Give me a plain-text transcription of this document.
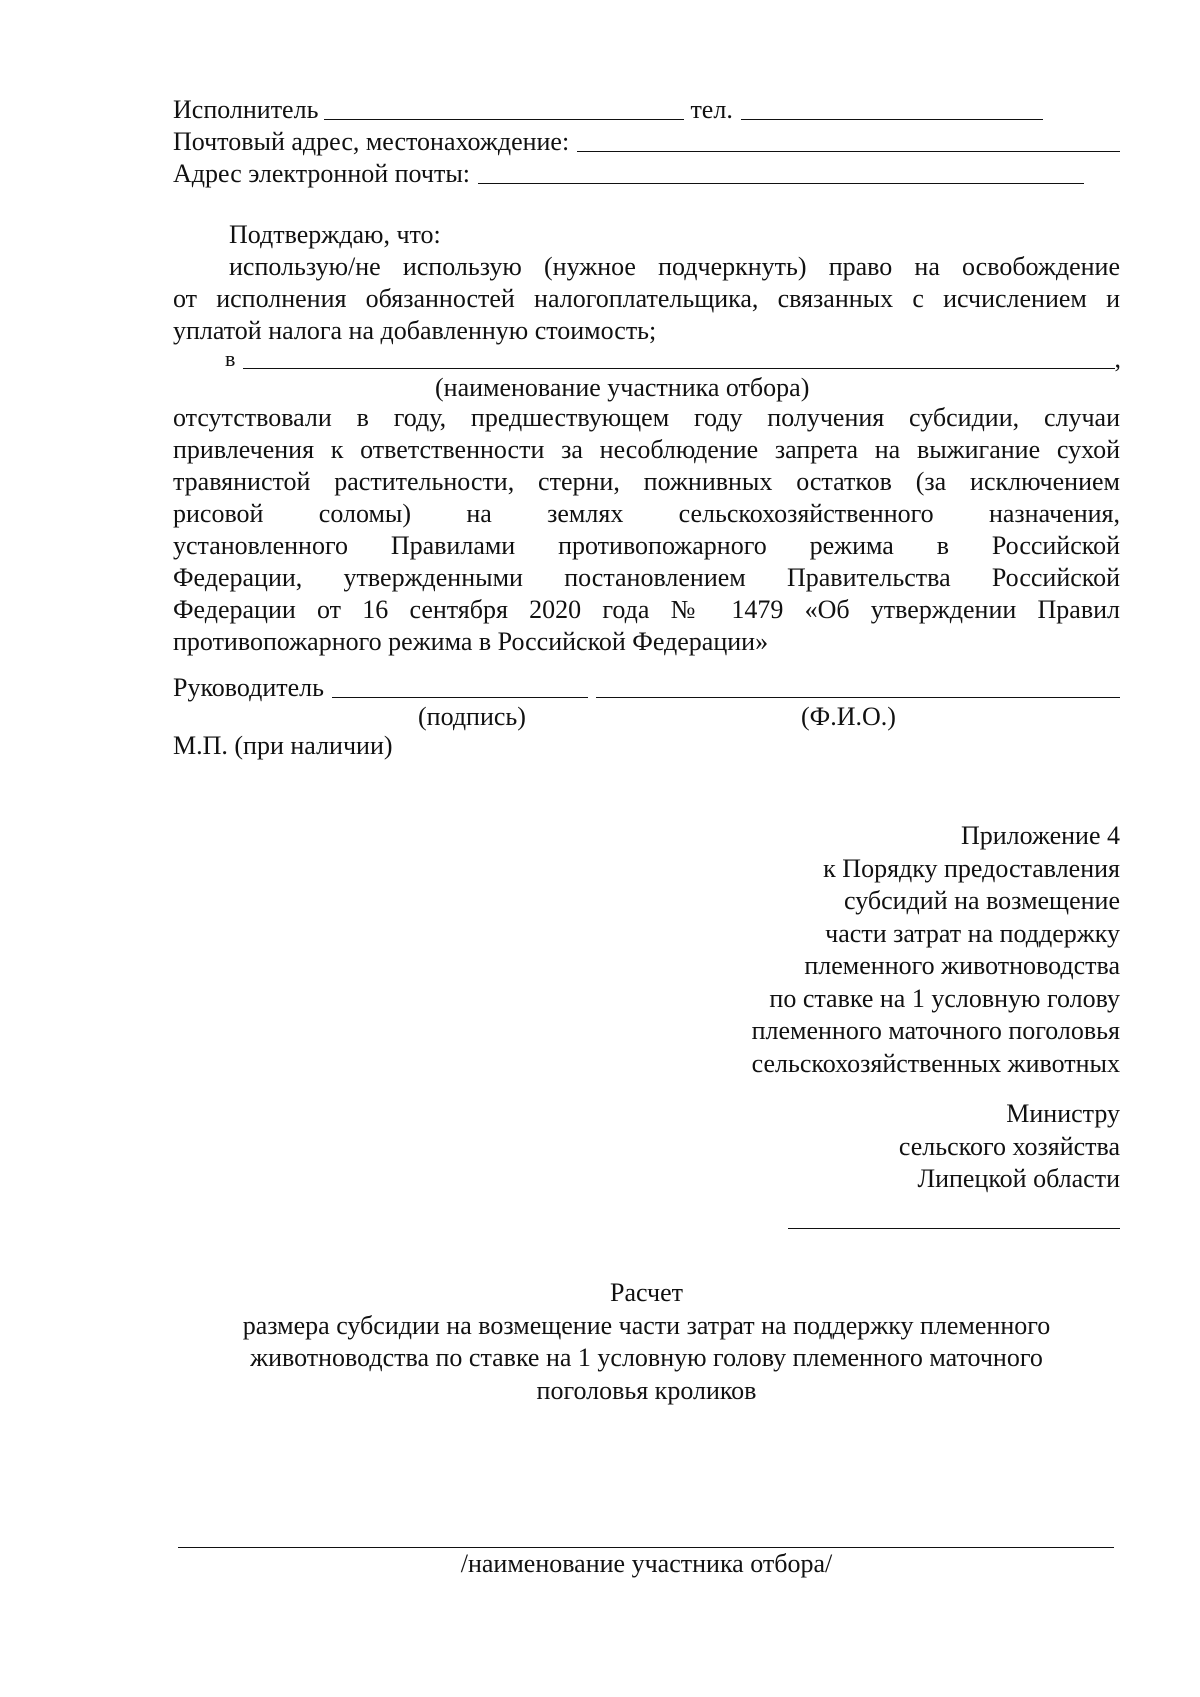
Исполнитель	тел.
Почтовый адрес, местонахождение:
Адрес электронной почты:
Подтверждаю, что:
использую/не использую (нужное подчеркнуть) право на освобождение
от исполнения обязанностей налогоплательщика, связанных с исчислением и
уплатой налога на добавленную стоимость;
в	,
(наименование участника отбора)
отсутствовали в году, предшествующем году получения субсидии, случаи
привлечения к ответственности за несоблюдение запрета на выжигание сухой
травянистой растительности, стерни, пожнивных остатков (за исключением
рисовой соломы) на землях сельскохозяйственного назначения,
установленного Правилами противопожарного режима в Российской
Федерации, утвержденными постановлением Правительства Российской
Федерации от 16 сентября 2020 года № 1479 «Об утверждении Правил
противопожарного режима в Российской Федерации»
Руководитель
(подпись)	(Ф.И.О.)
М.П. (при наличии)
Приложение 4
к Порядку предоставления
субсидий на возмещение
части затрат на поддержку
племенного животноводства
по ставке на 1 условную голову
племенного маточного поголовья
сельскохозяйственных животных
Министру
сельского хозяйства
Липецкой области
Расчет
размера субсидии на возмещение части затрат на поддержку племенного
животноводства по ставке на 1 условную голову племенного маточного
поголовья кроликов
/наименование участника отбора/
